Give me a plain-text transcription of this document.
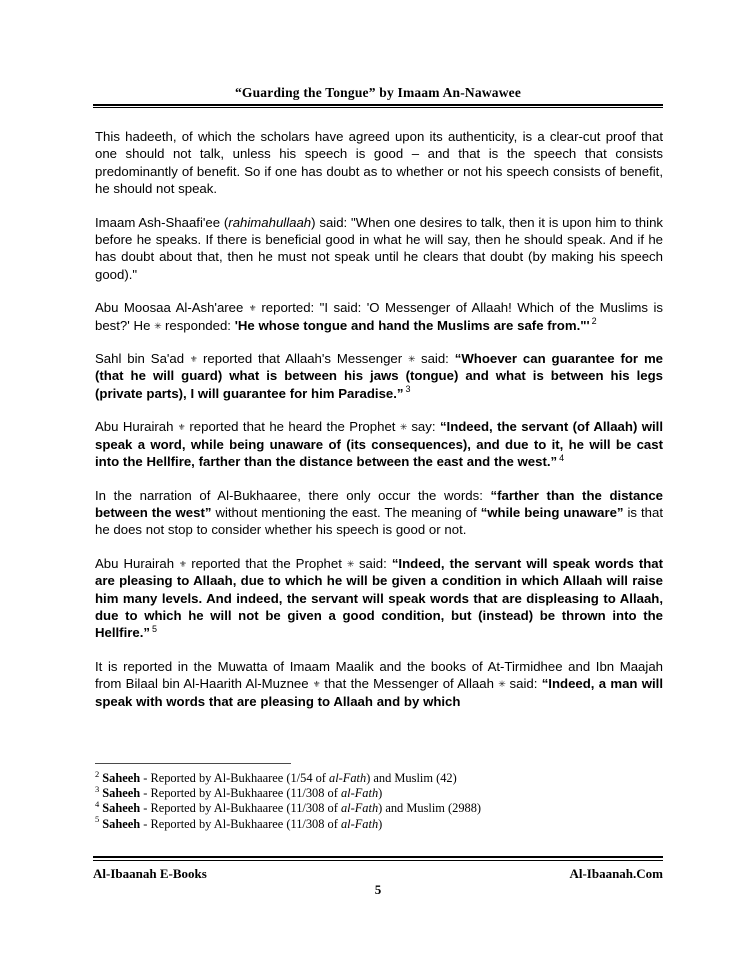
“Guarding the Tongue” by Imaam An-Nawawee

This hadeeth, of which the scholars have agreed upon its authenticity, is a clear-cut proof that one should not talk, unless his speech is good – and that is the speech that consists predominantly of benefit. So if one has doubt as to whether or not his speech consists of benefit, he should not speak.

Imaam Ash-Shaafi'ee (rahimahullaah) said: "When one desires to talk, then it is upon him to think before he speaks. If there is beneficial good in what he will say, then he should speak. And if he has doubt about that, then he must not speak until he clears that doubt (by making his speech good)."

Abu Moosaa Al-Ash'aree ⚜ reported: "I said: 'O Messenger of Allaah! Which of the Muslims is best?' He ✳ responded: 'He whose tongue and hand the Muslims are safe from."' $^2$

Sahl bin Sa'ad ⚜ reported that Allaah's Messenger ✳ said: “Whoever can guarantee for me (that he will guard) what is between his jaws (tongue) and what is between his legs (private parts), I will guarantee for him Paradise.” $^3$

Abu Hurairah ⚜ reported that he heard the Prophet ✳ say: “Indeed, the servant (of Allaah) will speak a word, while being unaware of (its consequences), and due to it, he will be cast into the Hellfire, farther than the distance between the east and the west.” $^4$

In the narration of Al-Bukhaaree, there only occur the words: “farther than the distance between the west” without mentioning the east. The meaning of “while being unaware” is that he does not stop to consider whether his speech is good or not.

Abu Hurairah ⚜ reported that the Prophet ✳ said: “Indeed, the servant will speak words that are pleasing to Allaah, due to which he will be given a condition in which Allaah will raise him many levels. And indeed, the servant will speak words that are displeasing to Allaah, due to which he will not be given a good condition, but (instead) be thrown into the Hellfire.” $^5$

It is reported in the Muwatta of Imaam Maalik and the books of At-Tirmidhee and Ibn Maajah from Bilaal bin Al-Haarith Al-Muznee ⚜ that the Messenger of Allaah ✳ said: “Indeed, a man will speak with words that are pleasing to Allaah and by which

$^2$ Saheeh - Reported by Al-Bukhaaree (1/54 of al-Fath) and Muslim (42)
$^3$ Saheeh - Reported by Al-Bukhaaree (11/308 of al-Fath)
$^4$ Saheeh - Reported by Al-Bukhaaree (11/308 of al-Fath) and Muslim (2988)
$^5$ Saheeh - Reported by Al-Bukhaaree (11/308 of al-Fath)
Al-Ibaanah E-Books	Al-Ibaanah.Com
5
